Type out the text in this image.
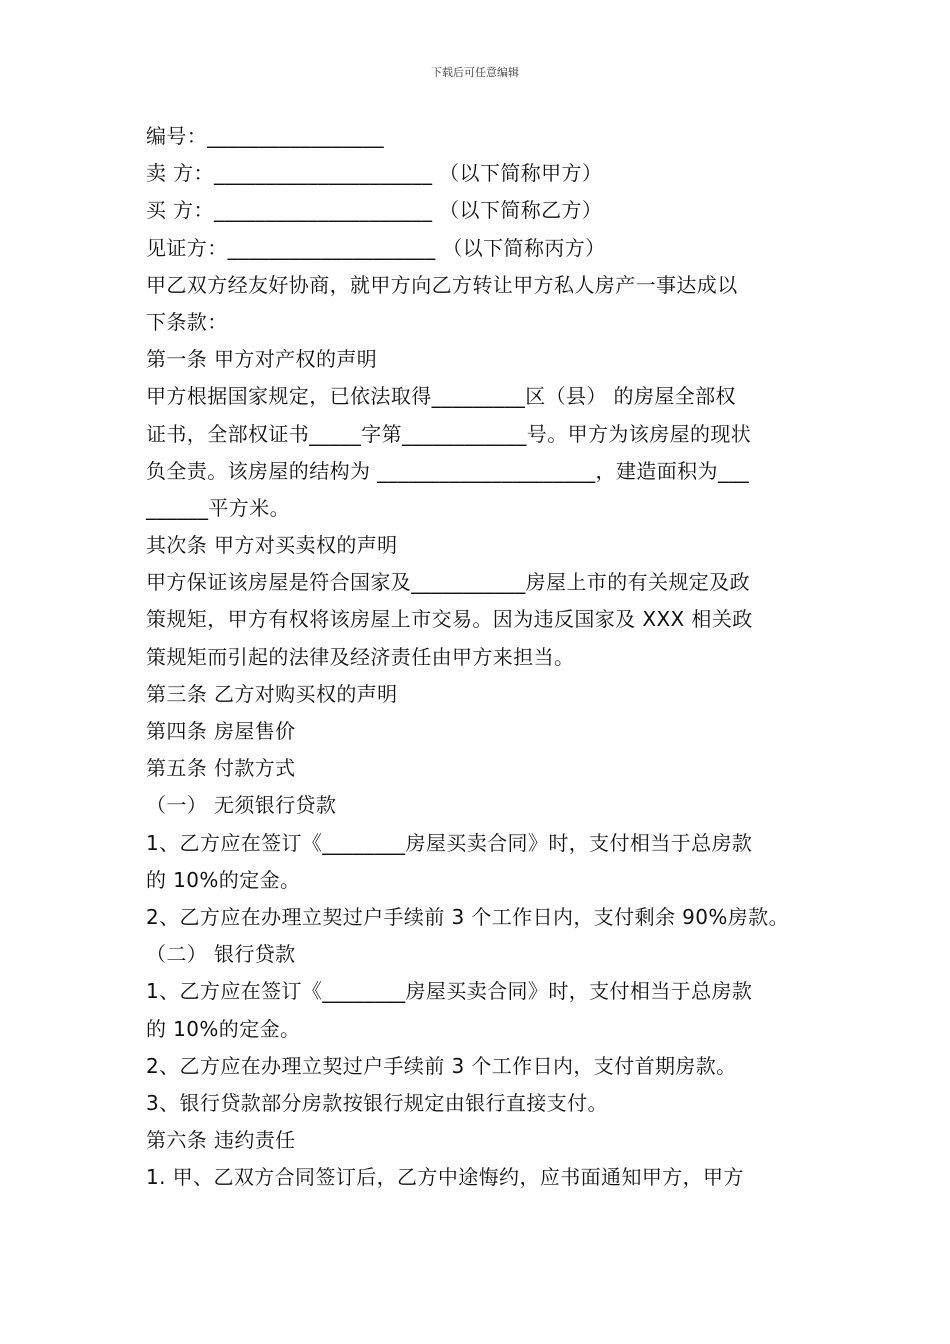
下载后可任意编辑
编号：_________________
卖 方：_____________________ （以下简称甲方）
买 方：_____________________ （以下简称乙方）
见证方：____________________ （以下简称丙方）
甲乙双方经友好协商，就甲方向乙方转让甲方私人房产一事达成以
下条款：
第一条 甲方对产权的声明
甲方根据国家规定，已依法取得_________区（县） 的房屋全部权
证书，全部权证书_____字第____________号。甲方为该房屋的现状
负全责。该房屋的结构为 _____________________，建造面积为___
______平方米。
其次条 甲方对买卖权的声明
甲方保证该房屋是符合国家及___________房屋上市的有关规定及政
策规矩，甲方有权将该房屋上市交易。因为违反国家及 XXX 相关政
策规矩而引起的法律及经济责任由甲方来担当。
第三条 乙方对购买权的声明
第四条 房屋售价
第五条 付款方式
（一） 无须银行贷款
1、乙方应在签订《________房屋买卖合同》时，支付相当于总房款
的 10%的定金。
2、乙方应在办理立契过户手续前 3 个工作日内，支付剩余 90%房款。
（二） 银行贷款
1、乙方应在签订《________房屋买卖合同》时，支付相当于总房款
的 10%的定金。
2、乙方应在办理立契过户手续前 3 个工作日内，支付首期房款。
3、银行贷款部分房款按银行规定由银行直接支付。
第六条 违约责任
1. 甲、乙双方合同签订后，乙方中途悔约，应书面通知甲方，甲方
